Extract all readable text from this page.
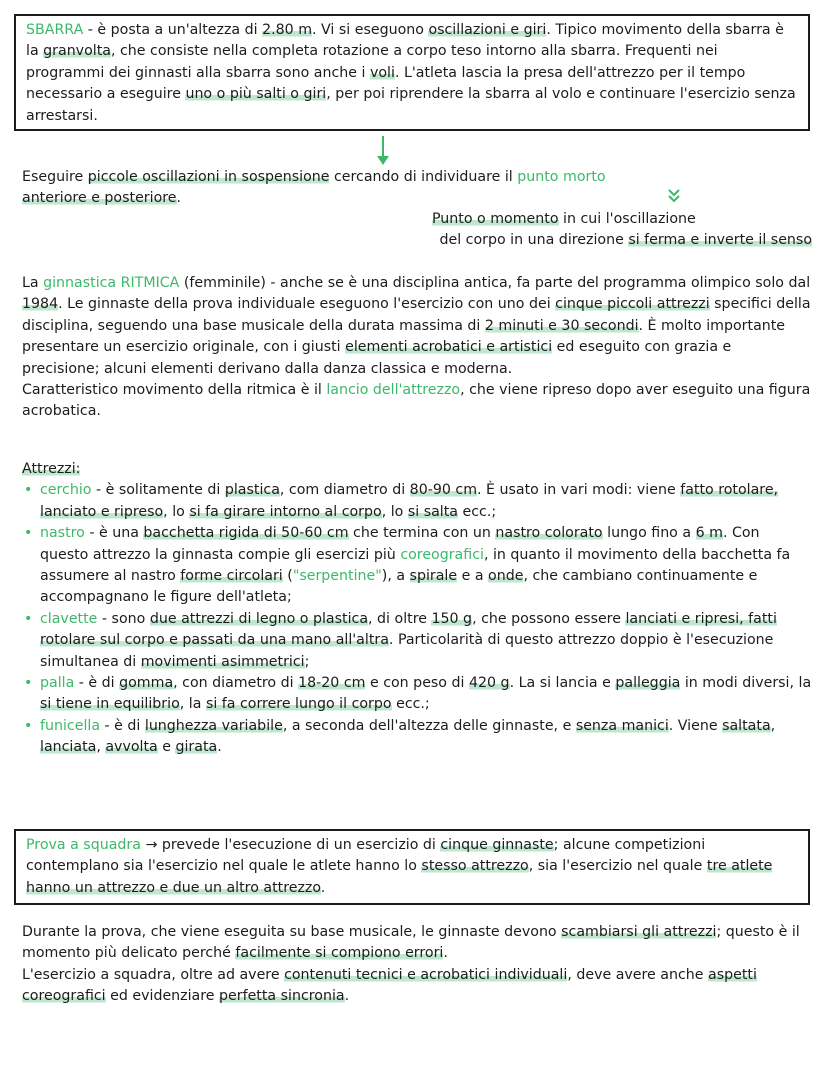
SBARRA - è posta a un'altezza di 2.80 m. Vi si eseguono oscillazioni e giri. Tipico movimento della sbarra è la granvolta, che consiste nella completa rotazione a corpo teso intorno alla sbarra. Frequenti nei programmi dei ginnasti alla sbarra sono anche i voli. L'atleta lascia la presa dell'attrezzo per il tempo necessario a eseguire uno o più salti o giri, per poi riprendere la sbarra al volo e continuare l'esercizio senza arrestarsi.

Eseguire piccole oscillazioni in sospensione cercando di individuare il punto morto
anteriore e posteriore.

Punto o momento in cui l'oscillazione
del corpo in una direzione si ferma e inverte il senso

La ginnastica RITMICA (femminile) - anche se è una disciplina antica, fa parte del programma olimpico solo dal 1984. Le ginnaste della prova individuale eseguono l'esercizio con uno dei cinque piccoli attrezzi specifici della disciplina, seguendo una base musicale della durata massima di 2 minuti e 30 secondi. È molto importante presentare un esercizio originale, con i giusti elementi acrobatici e artistici ed eseguito con grazia e precisione; alcuni elementi derivano dalla danza classica e moderna.
Caratteristico movimento della ritmica è il lancio dell'attrezzo, che viene ripreso dopo aver eseguito una figura acrobatica.

Attrezzi:

• cerchio - è solitamente di plastica, com diametro di 80-90 cm. È usato in vari modi: viene fatto rotolare, lanciato e ripreso, lo si fa girare intorno al corpo, lo si salta ecc.;
• nastro - è una bacchetta rigida di 50-60 cm che termina con un nastro colorato lungo fino a 6 m. Con questo attrezzo la ginnasta compie gli esercizi più coreografici, in quanto il movimento della bacchetta fa assumere al nastro forme circolari ("serpentine"), a spirale e a onde, che cambiano continuamente e accompagnano le figure dell'atleta;
• clavette - sono due attrezzi di legno o plastica, di oltre 150 g, che possono essere lanciati e ripresi, fatti rotolare sul corpo e passati da una mano all'altra. Particolarità di questo attrezzo doppio è l'esecuzione simultanea di movimenti asimmetrici;
• palla - è di gomma, con diametro di 18-20 cm e con peso di 420 g. La si lancia e palleggia in modi diversi, la si tiene in equilibrio, la si fa correre lungo il corpo ecc.;
• funicella - è di lunghezza variabile, a seconda dell'altezza delle ginnaste, e senza manici. Viene saltata, lanciata, avvolta e girata.

Prova a squadra → prevede l'esecuzione di un esercizio di cinque ginnaste; alcune competizioni contemplano sia l'esercizio nel quale le atlete hanno lo stesso attrezzo, sia l'esercizio nel quale tre atlete hanno un attrezzo e due un altro attrezzo.

Durante la prova, che viene eseguita su base musicale, le ginnaste devono scambiarsi gli attrezzi; questo è il momento più delicato perché facilmente si compiono errori.
L'esercizio a squadra, oltre ad avere contenuti tecnici e acrobatici individuali, deve avere anche aspetti coreografici ed evidenziare perfetta sincronia.
